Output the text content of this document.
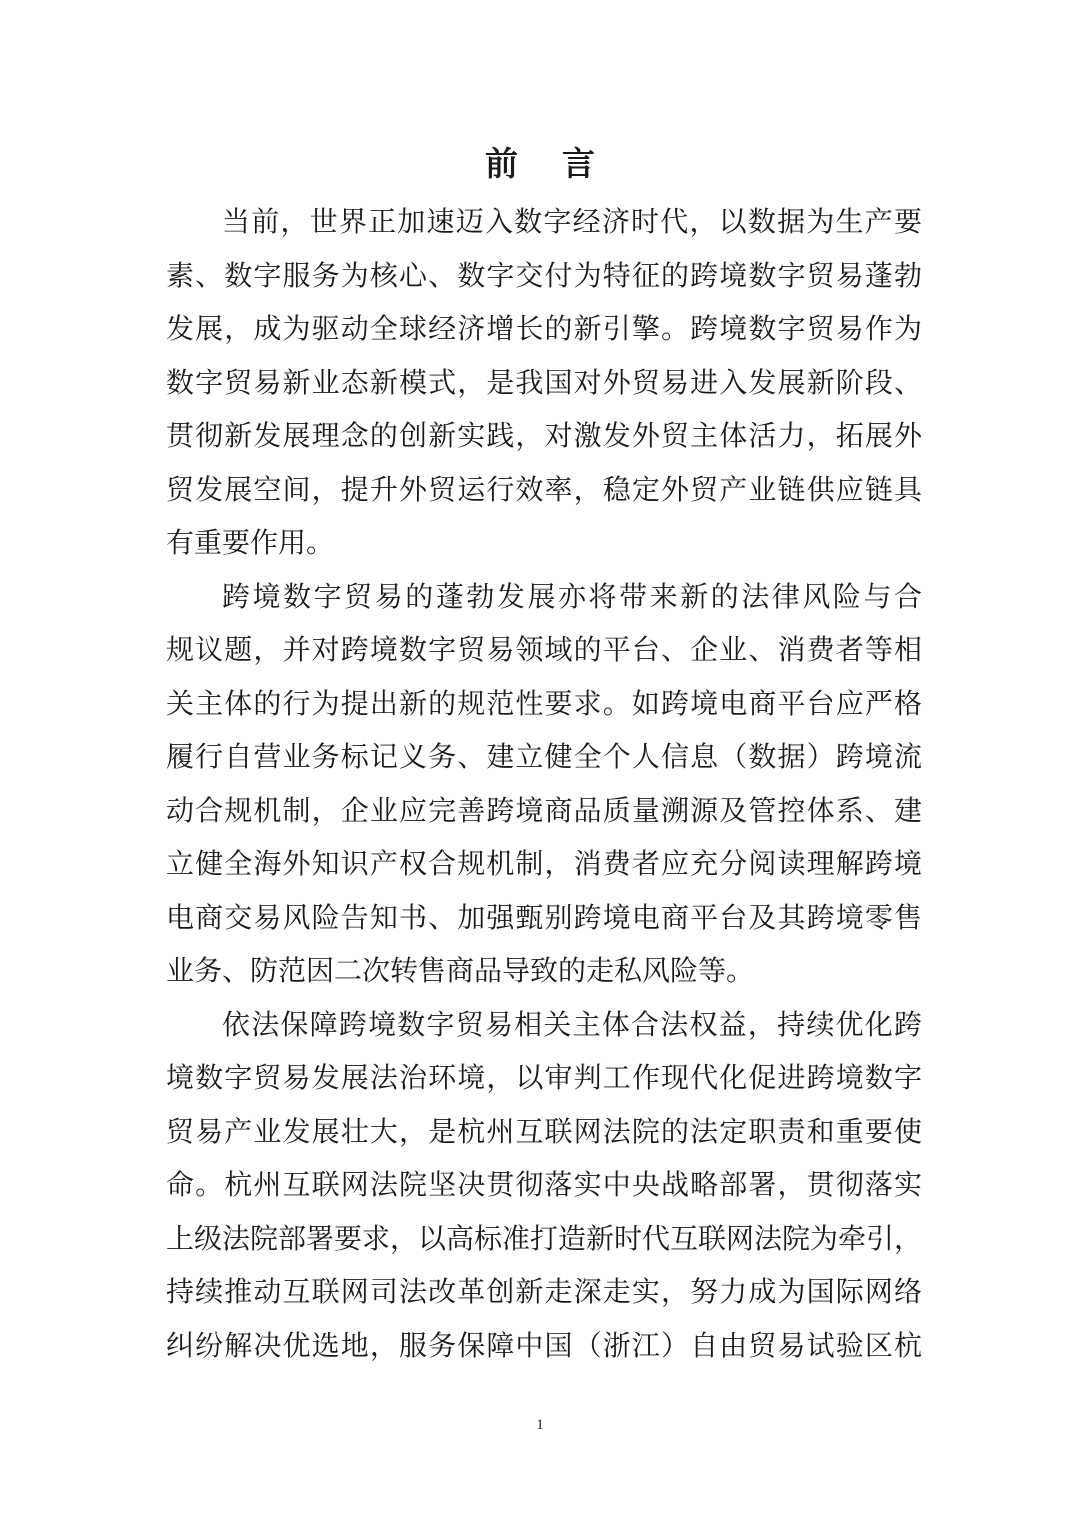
前言
当前，世界正加速迈入数字经济时代，以数据为生产要
素、数字服务为核心、数字交付为特征的跨境数字贸易蓬勃
发展，成为驱动全球经济增长的新引擎。跨境数字贸易作为
数字贸易新业态新模式，是我国对外贸易进入发展新阶段、
贯彻新发展理念的创新实践，对激发外贸主体活力，拓展外
贸发展空间，提升外贸运行效率，稳定外贸产业链供应链具
有重要作用。
跨境数字贸易的蓬勃发展亦将带来新的法律风险与合
规议题，并对跨境数字贸易领域的平台、企业、消费者等相
关主体的行为提出新的规范性要求。如跨境电商平台应严格
履行自营业务标记义务、建立健全个人信息（数据）跨境流
动合规机制，企业应完善跨境商品质量溯源及管控体系、建
立健全海外知识产权合规机制，消费者应充分阅读理解跨境
电商交易风险告知书、加强甄别跨境电商平台及其跨境零售
业务、防范因二次转售商品导致的走私风险等。
依法保障跨境数字贸易相关主体合法权益，持续优化跨
境数字贸易发展法治环境，以审判工作现代化促进跨境数字
贸易产业发展壮大，是杭州互联网法院的法定职责和重要使
命。杭州互联网法院坚决贯彻落实中央战略部署，贯彻落实
上级法院部署要求，以高标准打造新时代互联网法院为牵引，
持续推动互联网司法改革创新走深走实，努力成为国际网络
纠纷解决优选地，服务保障中国（浙江）自由贸易试验区杭
1
